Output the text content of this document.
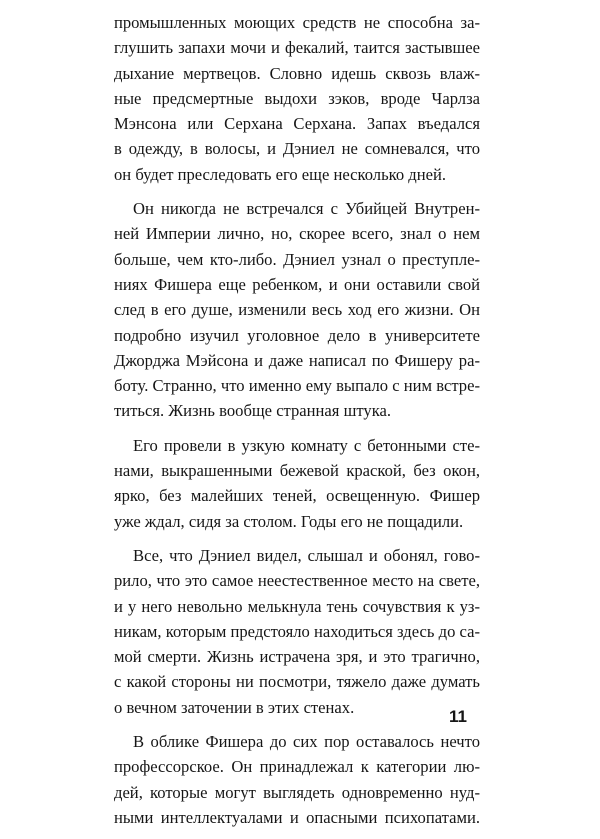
промышленных моющих средств не способна за-
глушить запахи мочи и фекалий, таится застывшее
дыхание мертвецов. Словно идешь сквозь влаж-
ные предсмертные выдохи зэков, вроде Чарлза
Мэнсона или Серхана Серхана. Запах въедался
в одежду, в волосы, и Дэниел не сомневался, что
он будет преследовать его еще несколько дней.
Он никогда не встречался с Убийцей Внутрен-
ней Империи лично, но, скорее всего, знал о нем
больше, чем кто-либо. Дэниел узнал о преступле-
ниях Фишера еще ребенком, и они оставили свой
след в его душе, изменили весь ход его жизни. Он
подробно изучил уголовное дело в университете
Джорджа Мэйсона и даже написал по Фишеру ра-
боту. Странно, что именно ему выпало с ним встре-
титься. Жизнь вообще странная штука.
Его провели в узкую комнату с бетонными сте-
нами, выкрашенными бежевой краской, без окон,
ярко, без малейших теней, освещенную. Фишер
уже ждал, сидя за столом. Годы его не пощадили.
Все, что Дэниел видел, слышал и обонял, гово-
рило, что это самое неестественное место на свете,
и у него невольно мелькнула тень сочувствия к уз-
никам, которым предстояло находиться здесь до са-
мой смерти. Жизнь истрачена зря, и это трагично,
с какой стороны ни посмотри, тяжело даже думать
о вечном заточении в этих стенах.
В облике Фишера до сих пор оставалось нечто
профессорское. Он принадлежал к категории лю-
дей, которые могут выглядеть одновременно нуд-
ными интеллектуалами и опасными психопатами.
11
